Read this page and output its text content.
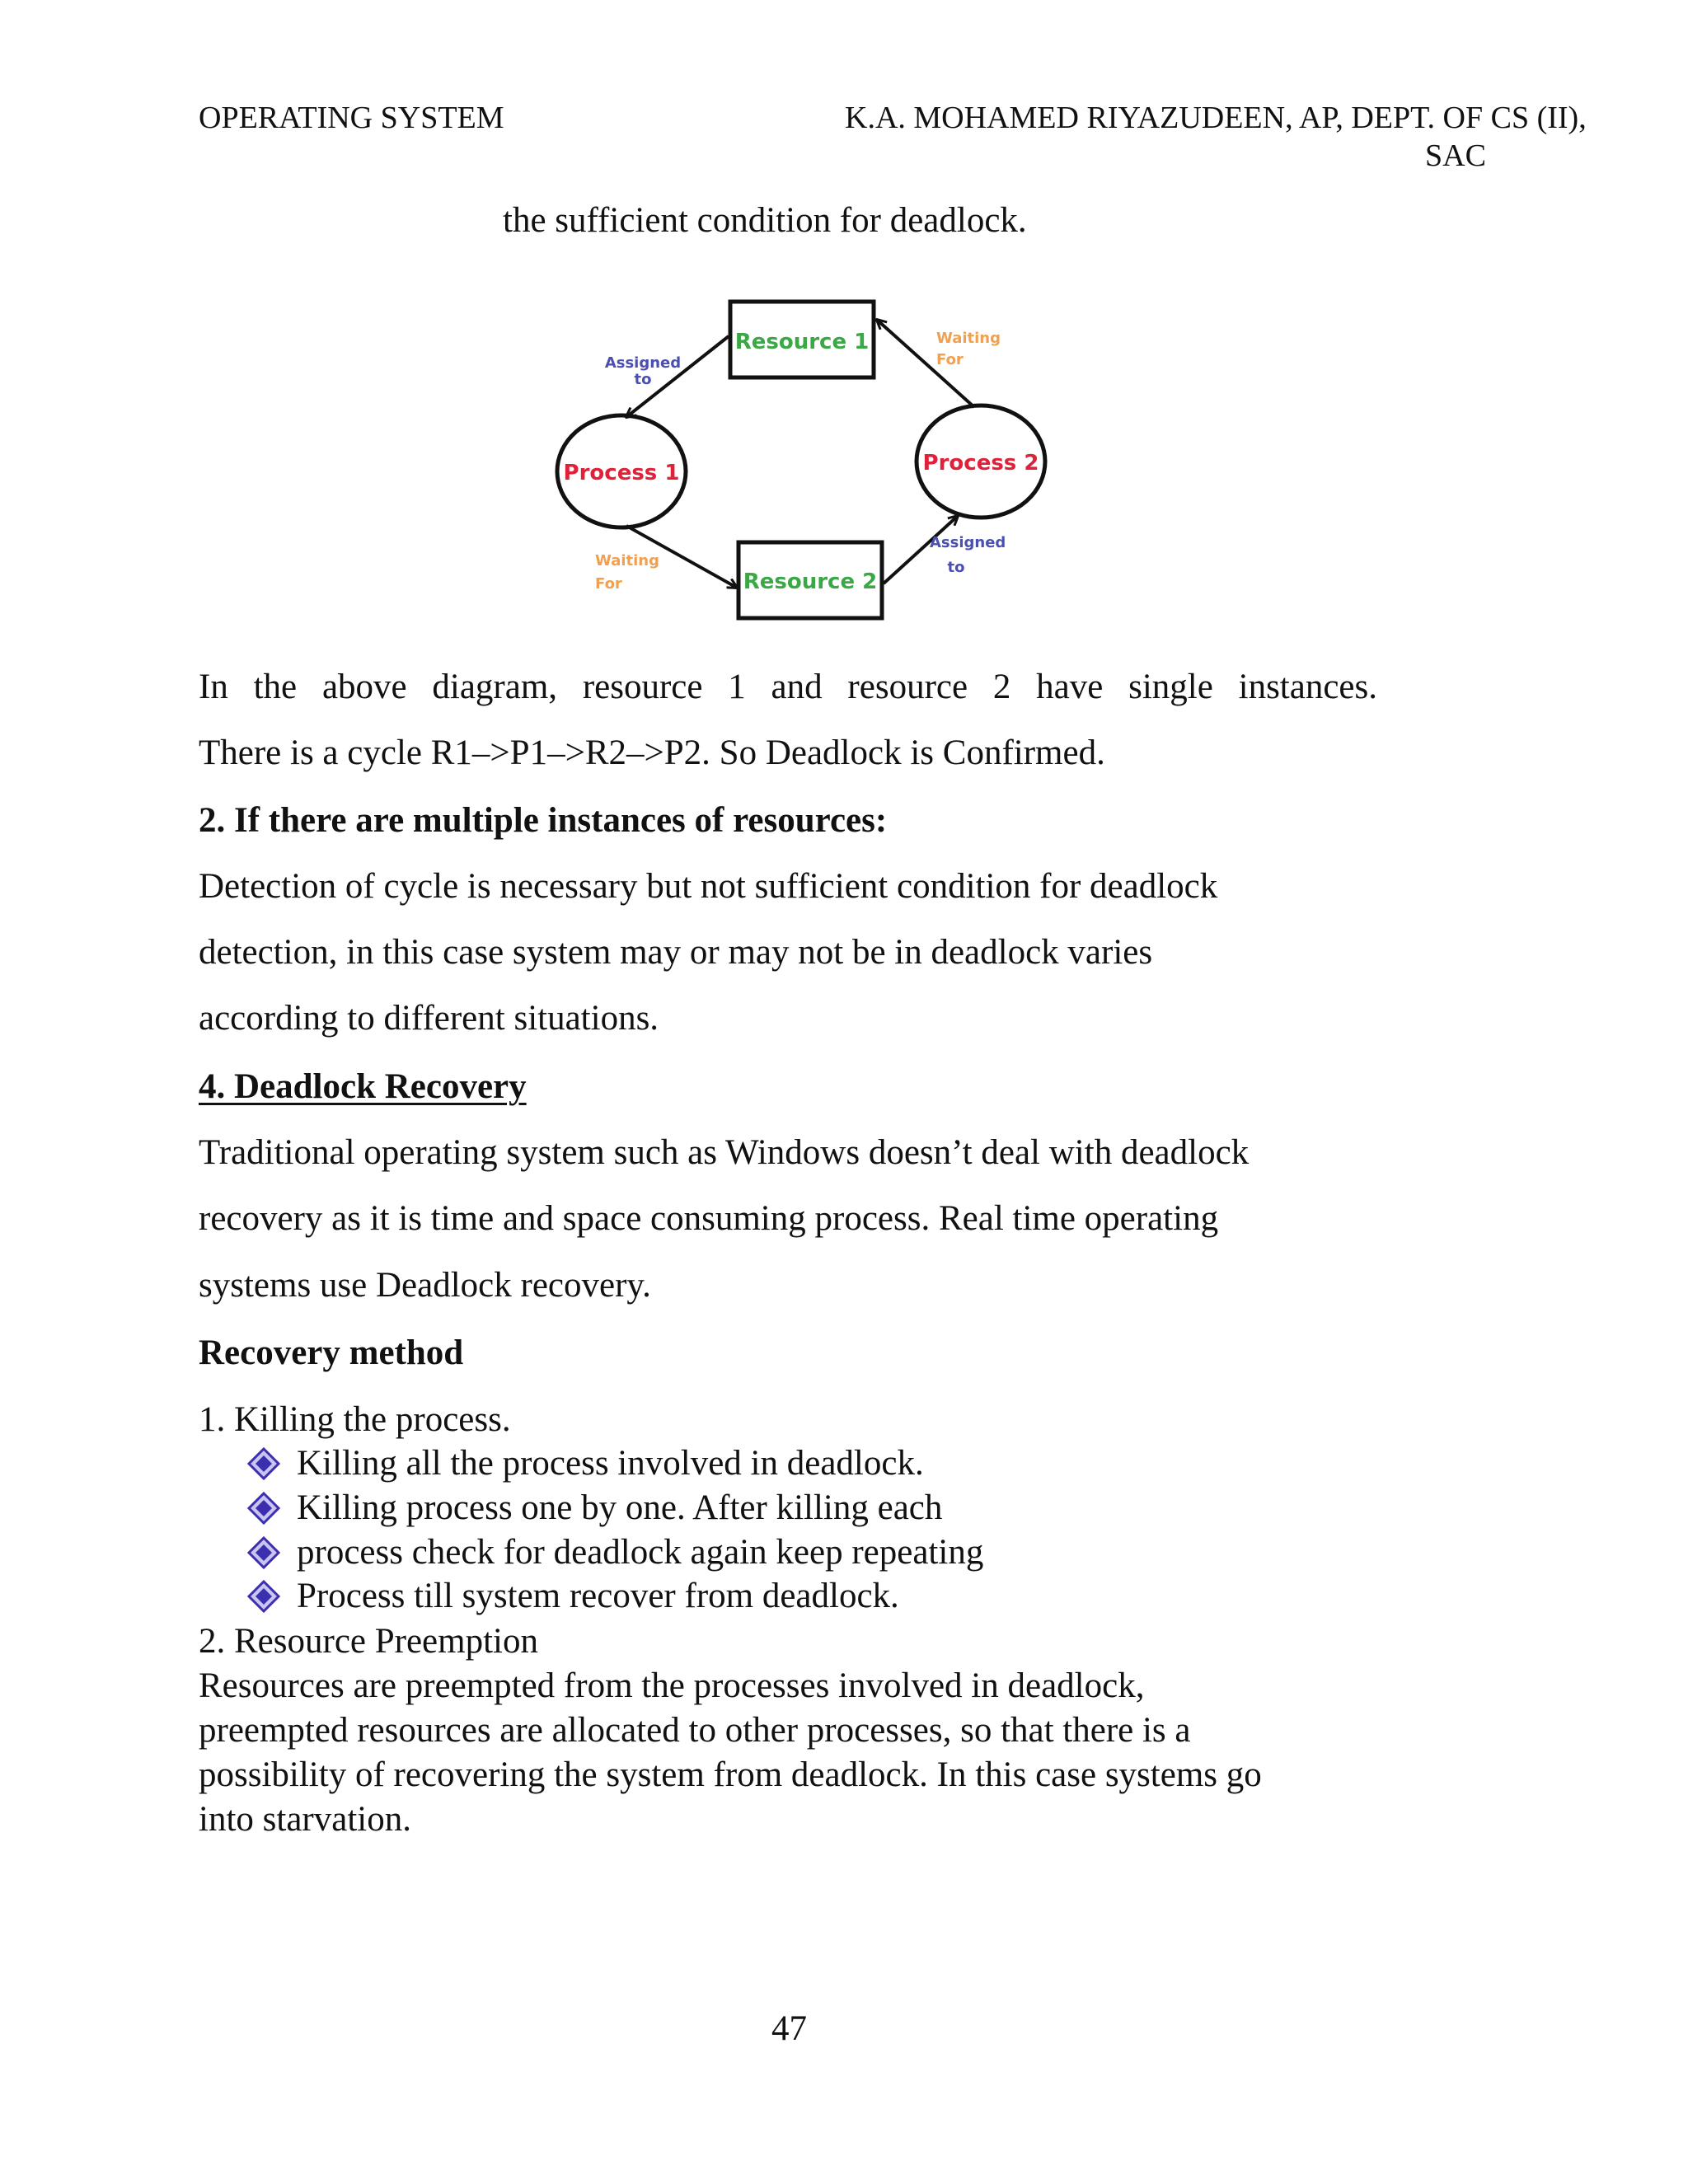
OPERATING SYSTEM	K.A. MOHAMED RIYAZUDEEN, AP, DEPT. OF CS (II),
SAC
the sufficient condition for deadlock.
Resource 1
Resource 2
Process 1	Process 2
Assigned
to
Assigned
to
Waiting
For
Waiting
For
In the above diagram, resource 1 and resource 2 have single instances.
There is a cycle R1–>P1–>R2–>P2. So Deadlock is Confirmed.
2. If there are multiple instances of resources:
Detection of cycle is necessary but not sufficient condition for deadlock
detection, in this case system may or may not be in deadlock varies
according to different situations.
4. Deadlock Recovery
Traditional operating system such as Windows doesn’t deal with deadlock
recovery as it is time and space consuming process. Real time operating
systems use Deadlock recovery.
Recovery method
1. Killing the process.
Killing all the process involved in deadlock.
Killing process one by one. After killing each
process check for deadlock again keep repeating
Process till system recover from deadlock.
2. Resource Preemption
Resources are preempted from the processes involved in deadlock,
preempted resources are allocated to other processes, so that there is a
possibility of recovering the system from deadlock. In this case systems go
into starvation.
47
